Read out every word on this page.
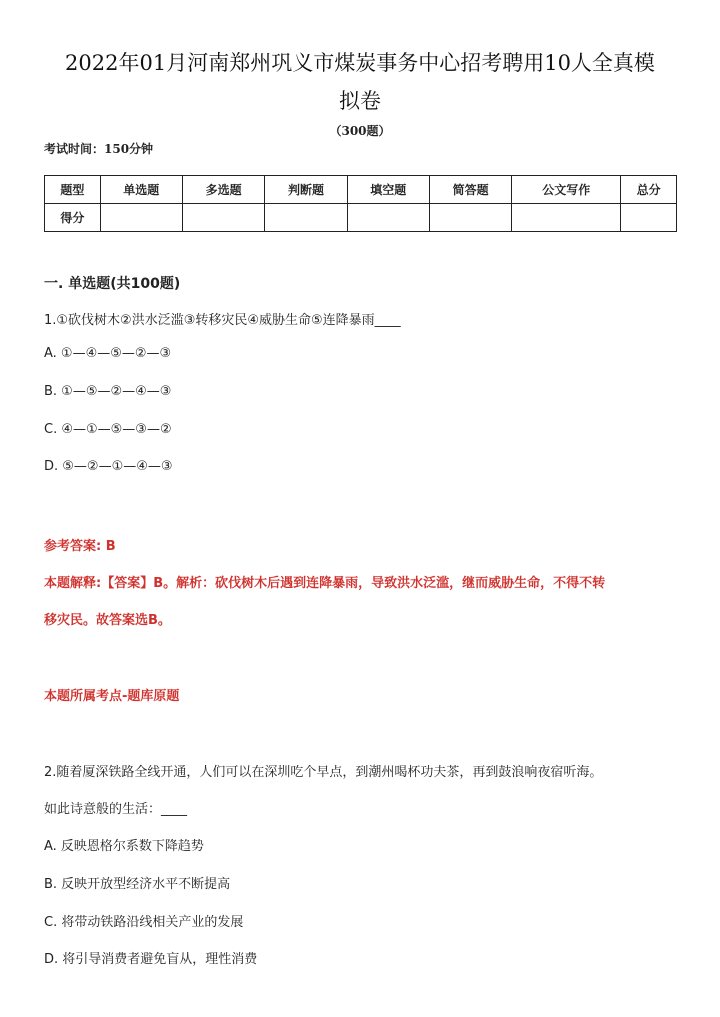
2022年01月河南郑州巩义市煤炭事务中心招考聘用10人全真模
拟卷
（300题）
考试时间：150分钟
题型	单选题	多选题	判断题	填空题	简答题	公文写作	总分
得分							
一. 单选题(共100题)
1.①砍伐树木②洪水泛滥③转移灾民④威胁生命⑤连降暴雨____
A. ①—④—⑤—②—③
B. ①—⑤—②—④—③
C. ④—①—⑤—③—②
D. ⑤—②—①—④—③
参考答案: B
本题解释:【答案】B。解析：砍伐树木后遇到连降暴雨，导致洪水泛滥，继而威胁生命，不得不转
移灾民。故答案选B。
本题所属考点-题库原题
2.随着厦深铁路全线开通，人们可以在深圳吃个早点，到潮州喝杯功夫茶，再到鼓浪响夜宿听海。
如此诗意般的生活：____
A. 反映恩格尔系数下降趋势
B. 反映开放型经济水平不断提高
C. 将带动铁路沿线相关产业的发展
D. 将引导消费者避免盲从，理性消费
